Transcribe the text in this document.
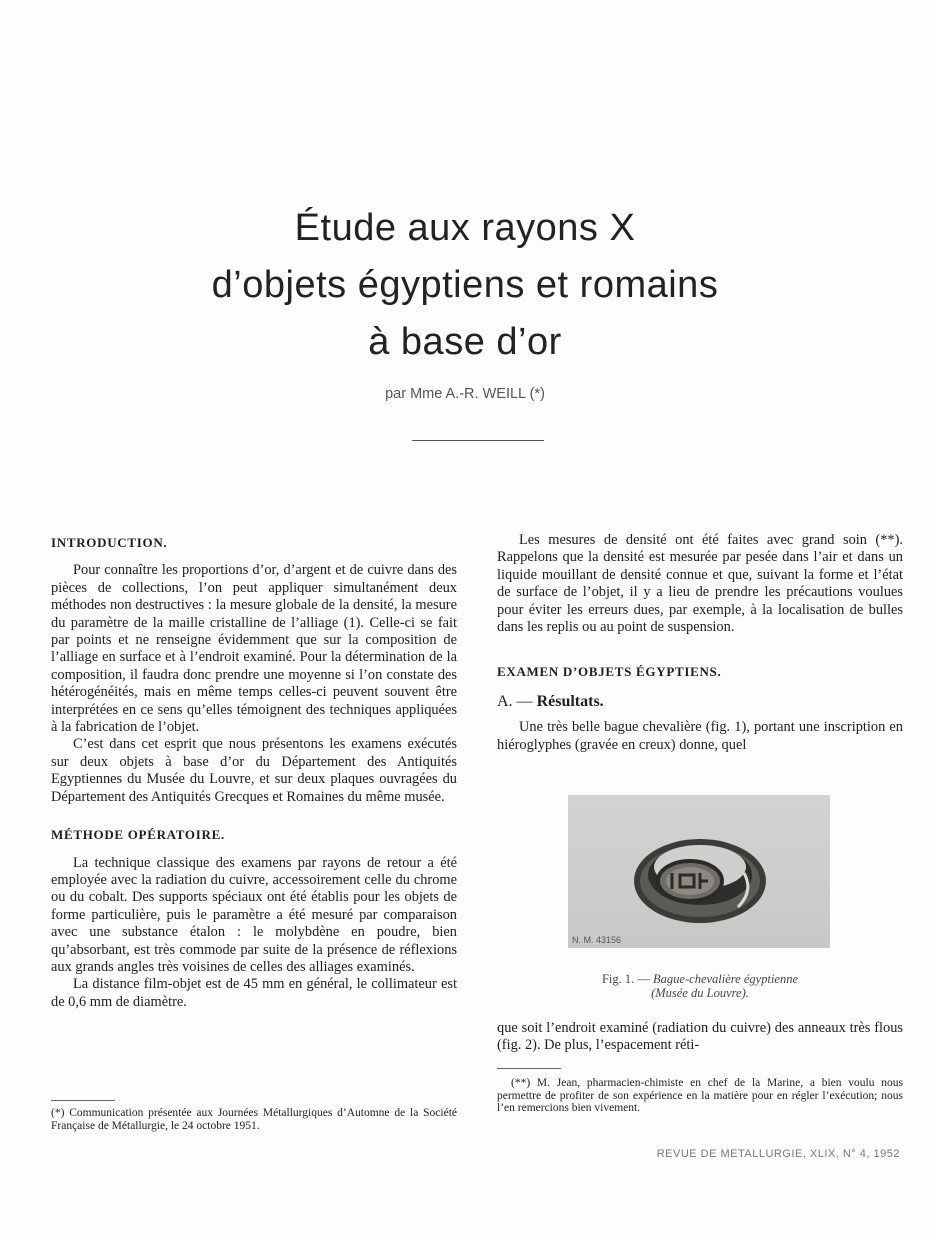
Étude aux rayons X
d’objets égyptiens et romains
à base d’or
par Mme A.-R. WEILL (*)
INTRODUCTION.

Pour connaître les proportions d’or, d’argent et de cuivre dans des pièces de collections, l’on peut appliquer simultanément deux méthodes non destructives : la mesure globale de la densité, la mesure du paramètre de la maille cristalline de l’alliage (1). Celle-ci se fait par points et ne renseigne évidemment que sur la composition de l’alliage en surface et à l’endroit examiné. Pour la détermination de la composition, il faudra donc prendre une moyenne si l’on constate des hétérogénéités, mais en même temps celles-ci peuvent souvent être interprétées en ce sens qu’elles témoignent des techniques appliquées à la fabrication de l’objet.

C’est dans cet esprit que nous présentons les examens exécutés sur deux objets à base d’or du Département des Antiquités Egyptiennes du Musée du Louvre, et sur deux plaques ouvragées du Département des Antiquités Grecques et Romaines du même musée.

MÉTHODE OPÉRATOIRE.

La technique classique des examens par rayons de retour a été employée avec la radiation du cuivre, accessoirement celle du chrome ou du cobalt. Des supports spéciaux ont été établis pour les objets de forme particulière, puis le paramètre a été mesuré par comparaison avec une substance étalon : le molybdène en poudre, bien qu’absorbant, est très commode par suite de la présence de réflexions aux grands angles très voisines de celles des alliages examinés.

La distance film-objet est de 45 mm en général, le collimateur est de 0,6 mm de diamètre.

(*) Communication présentée aux Journées Métallurgiques d’Automne de la Société Française de Métallurgie, le 24 octobre 1951.

Les mesures de densité ont été faites avec grand soin (**). Rappelons que la densité est mesurée par pesée dans l’air et dans un liquide mouillant de densité connue et que, suivant la forme et l’état de surface de l’objet, il y a lieu de prendre les précautions voulues pour éviter les erreurs dues, par exemple, à la localisation de bulles dans les replis ou au point de suspension.

EXAMEN D’OBJETS ÉGYPTIENS.
A. — Résultats.

Une très belle bague chevalière (fig. 1), portant une inscription en hiéroglyphes (gravée en creux) donne, quel

N. M. 43156
Fig. 1. — Bague-chevalière égyptienne
(Musée du Louvre).

que soit l’endroit examiné (radiation du cuivre) des anneaux très flous (fig. 2). De plus, l’espacement réti-

(**) M. Jean, pharmacien-chimiste en chef de la Marine, a bien voulu nous permettre de profiter de son expérience en la matière pour en régler l’exécution; nous l’en remercions bien vivement.
REVUE DE METALLURGIE, XLIX, N° 4, 1952
